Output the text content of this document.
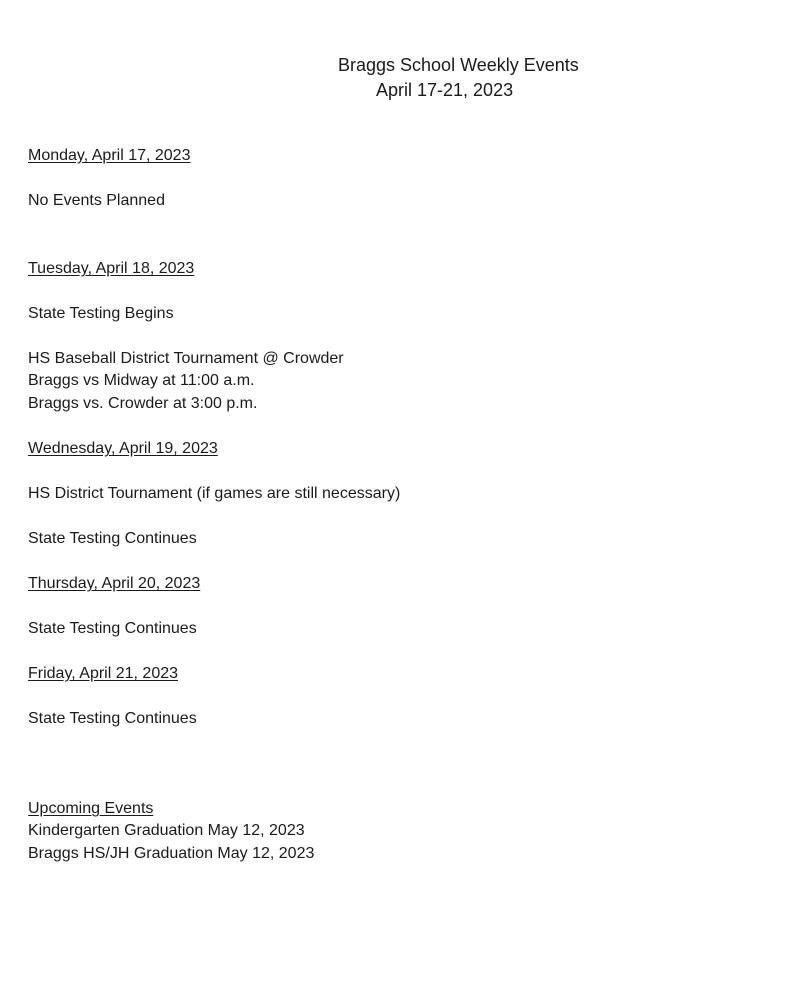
Braggs School Weekly Events
April 17-21, 2023
Monday, April 17, 2023
No Events Planned
Tuesday, April 18, 2023
State Testing Begins
HS Baseball District Tournament @ Crowder
Braggs vs Midway at 11:00 a.m.
Braggs vs. Crowder at 3:00 p.m.
Wednesday, April 19, 2023
HS District Tournament (if games are still necessary)
State Testing Continues
Thursday, April 20, 2023
State Testing Continues
Friday, April 21, 2023
State Testing Continues
Upcoming Events
Kindergarten Graduation May 12, 2023
Braggs HS/JH Graduation May 12, 2023
